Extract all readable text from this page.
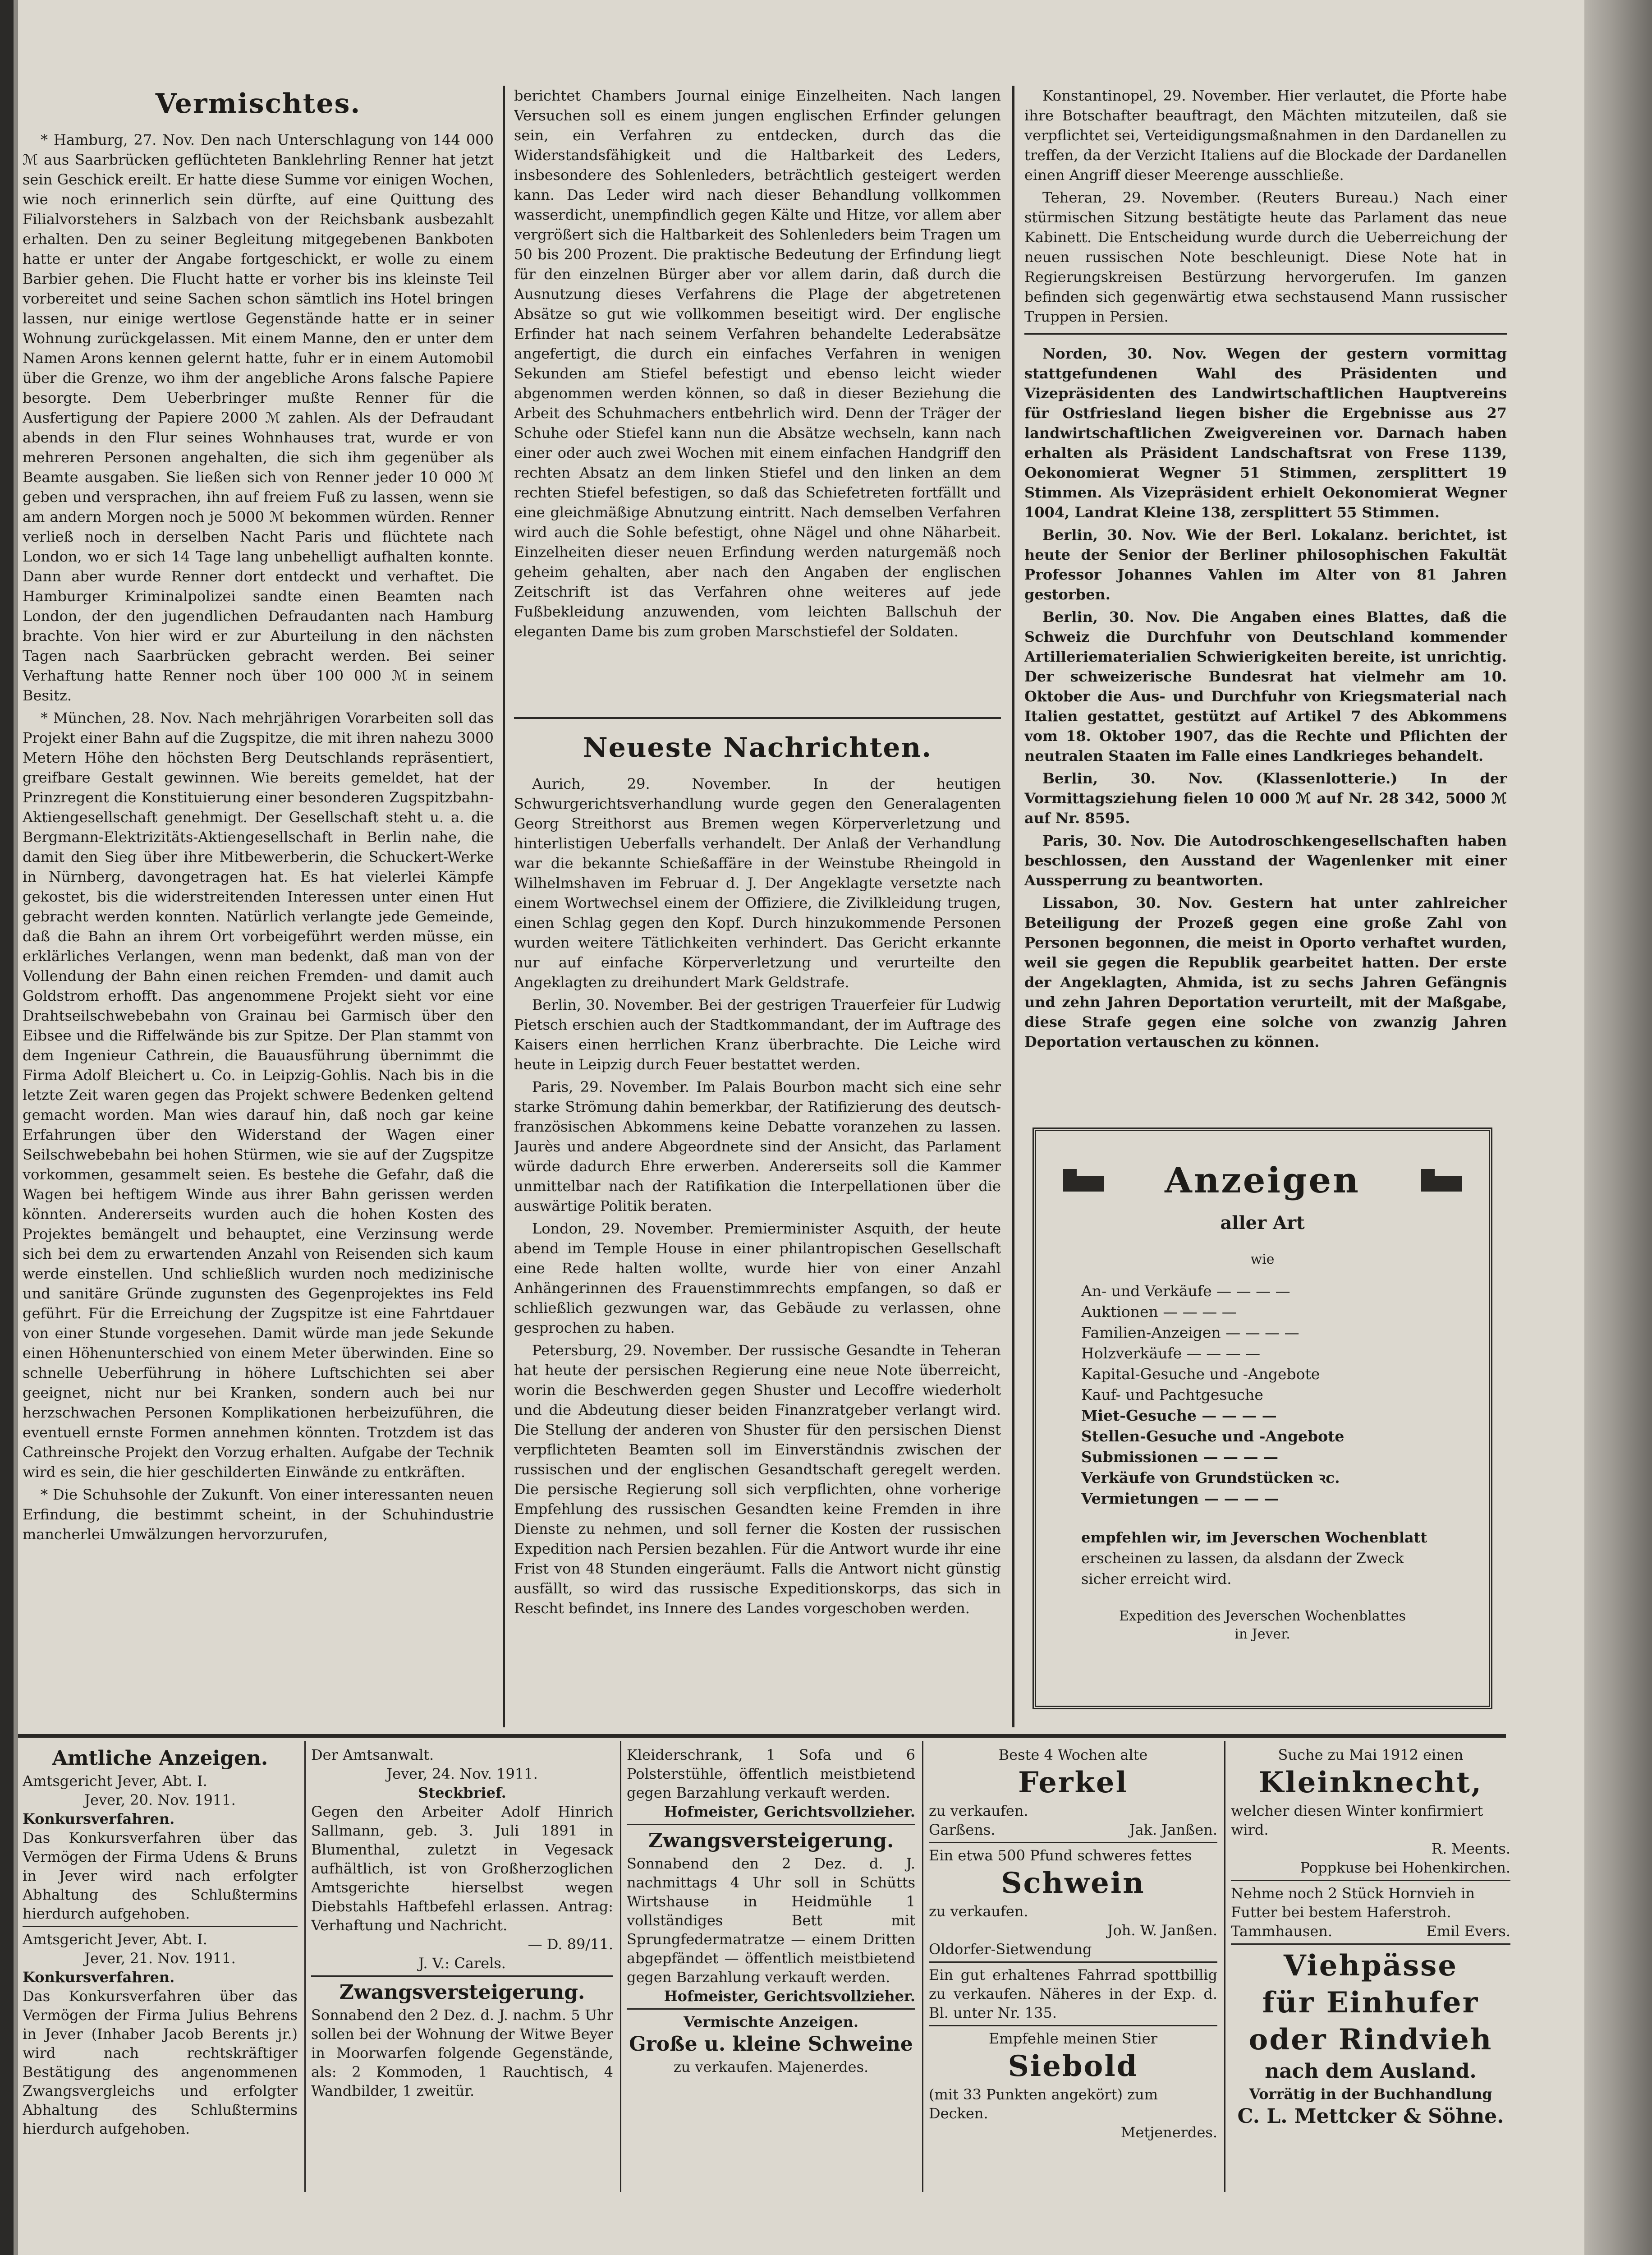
Vermischtes.

* Hamburg, 27. Nov. Den nach Unterschlagung von 144 000 ℳ aus Saarbrücken geflüchteten Banklehrling Renner hat jetzt sein Geschick ereilt. Er hatte diese Summe vor einigen Wochen, wie noch erinnerlich sein dürfte, auf eine Quittung des Filialvorstehers in Salzbach von der Reichsbank ausbezahlt erhalten. Den zu seiner Begleitung mitgegebenen Bankboten hatte er unter der Angabe fortgeschickt, er wolle zu einem Barbier gehen. Die Flucht hatte er vorher bis ins kleinste Teil vorbereitet und seine Sachen schon sämtlich ins Hotel bringen lassen, nur einige wertlose Gegenstände hatte er in seiner Wohnung zurückgelassen. Mit einem Manne, den er unter dem Namen Arons kennen gelernt hatte, fuhr er in einem Automobil über die Grenze, wo ihm der angebliche Arons falsche Papiere besorgte. Dem Ueberbringer mußte Renner für die Ausfertigung der Papiere 2000 ℳ zahlen. Als der Defraudant abends in den Flur seines Wohnhauses trat, wurde er von mehreren Personen angehalten, die sich ihm gegenüber als Beamte ausgaben. Sie ließen sich von Renner jeder 10 000 ℳ geben und versprachen, ihn auf freiem Fuß zu lassen, wenn sie am andern Morgen noch je 5000 ℳ bekommen würden. Renner verließ noch in derselben Nacht Paris und flüchtete nach London, wo er sich 14 Tage lang unbehelligt aufhalten konnte. Dann aber wurde Renner dort entdeckt und verhaftet. Die Hamburger Kriminalpolizei sandte einen Beamten nach London, der den jugendlichen Defraudanten nach Hamburg brachte. Von hier wird er zur Aburteilung in den nächsten Tagen nach Saarbrücken gebracht werden. Bei seiner Verhaftung hatte Renner noch über 100 000 ℳ in seinem Besitz.

* München, 28. Nov. Nach mehrjährigen Vorarbeiten soll das Projekt einer Bahn auf die Zugspitze, die mit ihren nahezu 3000 Metern Höhe den höchsten Berg Deutschlands repräsentiert, greifbare Gestalt gewinnen. Wie bereits gemeldet, hat der Prinzregent die Konstituierung einer besonderen Zugspitzbahn-Aktiengesellschaft genehmigt. Der Gesellschaft steht u. a. die Bergmann-Elektrizitäts-Aktiengesellschaft in Berlin nahe, die damit den Sieg über ihre Mitbewerberin, die Schuckert-Werke in Nürnberg, davongetragen hat. Es hat vielerlei Kämpfe gekostet, bis die widerstreitenden Interessen unter einen Hut gebracht werden konnten. Natürlich verlangte jede Gemeinde, daß die Bahn an ihrem Ort vorbeigeführt werden müsse, ein erklärliches Verlangen, wenn man bedenkt, daß man von der Vollendung der Bahn einen reichen Fremden- und damit auch Goldstrom erhofft. Das angenommene Projekt sieht vor eine Drahtseilschwebebahn von Grainau bei Garmisch über den Eibsee und die Riffelwände bis zur Spitze. Der Plan stammt von dem Ingenieur Cathrein, die Bauausführung übernimmt die Firma Adolf Bleichert u. Co. in Leipzig-Gohlis. Nach bis in die letzte Zeit waren gegen das Projekt schwere Bedenken geltend gemacht worden. Man wies darauf hin, daß noch gar keine Erfahrungen über den Widerstand der Wagen einer Seilschwebebahn bei hohen Stürmen, wie sie auf der Zugspitze vorkommen, gesammelt seien. Es bestehe die Gefahr, daß die Wagen bei heftigem Winde aus ihrer Bahn gerissen werden könnten. Andererseits wurden auch die hohen Kosten des Projektes bemängelt und behauptet, eine Verzinsung werde sich bei dem zu erwartenden Anzahl von Reisenden sich kaum werde einstellen. Und schließlich wurden noch medizinische und sanitäre Gründe zugunsten des Gegenprojektes ins Feld geführt. Für die Erreichung der Zugspitze ist eine Fahrtdauer von einer Stunde vorgesehen. Damit würde man jede Sekunde einen Höhenunterschied von einem Meter überwinden. Eine so schnelle Ueberführung in höhere Luftschichten sei aber geeignet, nicht nur bei Kranken, sondern auch bei nur herzschwachen Personen Komplikationen herbeizuführen, die eventuell ernste Formen annehmen könnten. Trotzdem ist das Cathreinsche Projekt den Vorzug erhalten. Aufgabe der Technik wird es sein, die hier geschilderten Einwände zu entkräften.

* Die Schuhsohle der Zukunft. Von einer interessanten neuen Erfindung, die bestimmt scheint, in der Schuhindustrie mancherlei Umwälzungen hervorzurufen,

berichtet Chambers Journal einige Einzelheiten. Nach langen Versuchen soll es einem jungen englischen Erfinder gelungen sein, ein Verfahren zu entdecken, durch das die Widerstandsfähigkeit und die Haltbarkeit des Leders, insbesondere des Sohlenleders, beträchtlich gesteigert werden kann. Das Leder wird nach dieser Behandlung vollkommen wasserdicht, unempfindlich gegen Kälte und Hitze, vor allem aber vergrößert sich die Haltbarkeit des Sohlenleders beim Tragen um 50 bis 200 Prozent. Die praktische Bedeutung der Erfindung liegt für den einzelnen Bürger aber vor allem darin, daß durch die Ausnutzung dieses Verfahrens die Plage der abgetretenen Absätze so gut wie vollkommen beseitigt wird. Der englische Erfinder hat nach seinem Verfahren behandelte Lederabsätze angefertigt, die durch ein einfaches Verfahren in wenigen Sekunden am Stiefel befestigt und ebenso leicht wieder abgenommen werden können, so daß in dieser Beziehung die Arbeit des Schuhmachers entbehrlich wird. Denn der Träger der Schuhe oder Stiefel kann nun die Absätze wechseln, kann nach einer oder auch zwei Wochen mit einem einfachen Handgriff den rechten Absatz an dem linken Stiefel und den linken an dem rechten Stiefel befestigen, so daß das Schiefetreten fortfällt und eine gleichmäßige Abnutzung eintritt. Nach demselben Verfahren wird auch die Sohle befestigt, ohne Nägel und ohne Näharbeit. Einzelheiten dieser neuen Erfindung werden naturgemäß noch geheim gehalten, aber nach den Angaben der englischen Zeitschrift ist das Verfahren ohne weiteres auf jede Fußbekleidung anzuwenden, vom leichten Ballschuh der eleganten Dame bis zum groben Marschstiefel der Soldaten.

Neueste Nachrichten.

Aurich, 29. November. In der heutigen Schwurgerichtsverhandlung wurde gegen den Generalagenten Georg Streithorst aus Bremen wegen Körperverletzung und hinterlistigen Ueberfalls verhandelt. Der Anlaß der Verhandlung war die bekannte Schießaffäre in der Weinstube Rheingold in Wilhelmshaven im Februar d. J. Der Angeklagte versetzte nach einem Wortwechsel einem der Offiziere, die Zivilkleidung trugen, einen Schlag gegen den Kopf. Durch hinzukommende Personen wurden weitere Tätlichkeiten verhindert. Das Gericht erkannte nur auf einfache Körperverletzung und verurteilte den Angeklagten zu dreihundert Mark Geldstrafe.

Berlin, 30. November. Bei der gestrigen Trauerfeier für Ludwig Pietsch erschien auch der Stadtkommandant, der im Auftrage des Kaisers einen herrlichen Kranz überbrachte. Die Leiche wird heute in Leipzig durch Feuer bestattet werden.

Paris, 29. November. Im Palais Bourbon macht sich eine sehr starke Strömung dahin bemerkbar, der Ratifizierung des deutsch-französischen Abkommens keine Debatte voranzehen zu lassen. Jaurès und andere Abgeordnete sind der Ansicht, das Parlament würde dadurch Ehre erwerben. Andererseits soll die Kammer unmittelbar nach der Ratifikation die Interpellationen über die auswärtige Politik beraten.

London, 29. November. Premierminister Asquith, der heute abend im Temple House in einer philantropischen Gesellschaft eine Rede halten wollte, wurde hier von einer Anzahl Anhängerinnen des Frauenstimmrechts empfangen, so daß er schließlich gezwungen war, das Gebäude zu verlassen, ohne gesprochen zu haben.

Petersburg, 29. November. Der russische Gesandte in Teheran hat heute der persischen Regierung eine neue Note überreicht, worin die Beschwerden gegen Shuster und Lecoffre wiederholt und die Abdeutung dieser beiden Finanzratgeber verlangt wird. Die Stellung der anderen von Shuster für den persischen Dienst verpflichteten Beamten soll im Einverständnis zwischen der russischen und der englischen Gesandtschaft geregelt werden. Die persische Regierung soll sich verpflichten, ohne vorherige Empfehlung des russischen Gesandten keine Fremden in ihre Dienste zu nehmen, und soll ferner die Kosten der russischen Expedition nach Persien bezahlen. Für die Antwort wurde ihr eine Frist von 48 Stunden eingeräumt. Falls die Antwort nicht günstig ausfällt, so wird das russische Expeditionskorps, das sich in Rescht befindet, ins Innere des Landes vorgeschoben werden.

Konstantinopel, 29. November. Hier verlautet, die Pforte habe ihre Botschafter beauftragt, den Mächten mitzuteilen, daß sie verpflichtet sei, Verteidigungsmaßnahmen in den Dardanellen zu treffen, da der Verzicht Italiens auf die Blockade der Dardanellen einen Angriff dieser Meerenge ausschließe.

Teheran, 29. November. (Reuters Bureau.) Nach einer stürmischen Sitzung bestätigte heute das Parlament das neue Kabinett. Die Entscheidung wurde durch die Ueberreichung der neuen russischen Note beschleunigt. Diese Note hat in Regierungskreisen Bestürzung hervorgerufen. Im ganzen befinden sich gegenwärtig etwa sechstausend Mann russischer Truppen in Persien.

Norden, 30. Nov. Wegen der gestern vormittag stattgefundenen Wahl des Präsidenten und Vizepräsidenten des Landwirtschaftlichen Hauptvereins für Ostfriesland liegen bisher die Ergebnisse aus 27 landwirtschaftlichen Zweigvereinen vor. Darnach haben erhalten als Präsident Landschaftsrat von Frese 1139, Oekonomierat Wegner 51 Stimmen, zersplittert 19 Stimmen. Als Vizepräsident erhielt Oekonomierat Wegner 1004, Landrat Kleine 138, zersplittert 55 Stimmen.

Berlin, 30. Nov. Wie der Berl. Lokalanz. berichtet, ist heute der Senior der Berliner philosophischen Fakultät Professor Johannes Vahlen im Alter von 81 Jahren gestorben.

Berlin, 30. Nov. Die Angaben eines Blattes, daß die Schweiz die Durchfuhr von Deutschland kommender Artilleriematerialien Schwierigkeiten bereite, ist unrichtig. Der schweizerische Bundesrat hat vielmehr am 10. Oktober die Aus- und Durchfuhr von Kriegsmaterial nach Italien gestattet, gestützt auf Artikel 7 des Abkommens vom 18. Oktober 1907, das die Rechte und Pflichten der neutralen Staaten im Falle eines Landkrieges behandelt.

Berlin, 30. Nov. (Klassenlotterie.) In der Vormittagsziehung fielen 10 000 ℳ auf Nr. 28 342, 5000 ℳ auf Nr. 8595.

Paris, 30. Nov. Die Autodroschkengesellschaften haben beschlossen, den Ausstand der Wagenlenker mit einer Aussperrung zu beantworten.

Lissabon, 30. Nov. Gestern hat unter zahlreicher Beteiligung der Prozeß gegen eine große Zahl von Personen begonnen, die meist in Oporto verhaftet wurden, weil sie gegen die Republik gearbeitet hatten. Der erste der Angeklagten, Ahmida, ist zu sechs Jahren Gefängnis und zehn Jahren Deportation verurteilt, mit der Maßgabe, diese Strafe gegen eine solche von zwanzig Jahren Deportation vertauschen zu können.

Anzeigen
aller Art
wie
An- und Verkäufe — — — —
Auktionen — — — —
Familien-Anzeigen — — — —
Holzverkäufe — — — —
Kapital-Gesuche und -Angebote
Kauf- und Pachtgesuche
Miet-Gesuche — — — —
Stellen-Gesuche und -Angebote
Submissionen — — — —
Verkäufe von Grundstücken ꝛc.
Vermietungen — — — —
empfehlen wir, im Jeverschen Wochenblatt
erscheinen zu lassen, da alsdann der Zweck
sicher erreicht wird.
Expedition des Jeverschen Wochenblattes
in Jever.
Amtliche Anzeigen.
Amtsgericht Jever, Abt. I.
Jever, 20. Nov. 1911.
Konkursverfahren.
Das Konkursverfahren über das Vermögen der Firma Udens & Bruns in Jever wird nach erfolgter Abhaltung des Schlußtermins hierdurch aufgehoben.
Amtsgericht Jever, Abt. I.
Jever, 21. Nov. 1911.
Konkursverfahren.
Das Konkursverfahren über das Vermögen der Firma Julius Behrens in Jever (Inhaber Jacob Berents jr.) wird nach rechtskräftiger Bestätigung des angenommenen Zwangsvergleichs und erfolgter Abhaltung des Schlußtermins hierdurch aufgehoben.
Der Amtsanwalt.
Jever, 24. Nov. 1911.
Steckbrief.
Gegen den Arbeiter Adolf Hinrich Sallmann, geb. 3. Juli 1891 in Blumenthal, zuletzt in Vegesack aufhältlich, ist von Großherzoglichen Amtsgerichte hierselbst wegen Diebstahls Haftbefehl erlassen. Antrag: Verhaftung und Nachricht.
— D. 89/11.
J. V.: Carels.
Zwangsversteigerung.
Sonnabend den 2 Dez. d. J. nachm. 5 Uhr sollen bei der Wohnung der Witwe Beyer in Moorwarfen folgende Gegenstände, als: 2 Kommoden, 1 Rauchtisch, 4 Wandbilder, 1 zweitür.
Kleiderschrank, 1 Sofa und 6 Polsterstühle, öffentlich meistbietend gegen Barzahlung verkauft werden.
Hofmeister, Gerichtsvollzieher.
Zwangsversteigerung.
Sonnabend den 2 Dez. d. J. nachmittags 4 Uhr soll in Schütts Wirtshause in Heidmühle 1 vollständiges Bett mit Sprungfedermatratze — einem Dritten abgepfändet — öffentlich meistbietend gegen Barzahlung verkauft werden.
Hofmeister, Gerichtsvollzieher.
Vermischte Anzeigen.
Große u. kleine Schweine
zu verkaufen. Majenerdes.
Beste 4 Wochen alte
Ferkel
zu verkaufen.
Garßens.	Jak. Janßen.
Ein etwa 500 Pfund schweres fettes
Schwein
zu verkaufen.
Joh. W. Janßen.
Oldorfer-Sietwendung
Ein gut erhaltenes Fahrrad spottbillig zu verkaufen. Näheres in der Exp. d. Bl. unter Nr. 135.
Empfehle meinen Stier
Siebold
(mit 33 Punkten angekört) zum Decken.
Metjenerdes.
Suche zu Mai 1912 einen
Kleinknecht,
welcher diesen Winter konfirmiert wird.
R. Meents.
Poppkuse bei Hohenkirchen.
Nehme noch 2 Stück Hornvieh in Futter bei bestem Haferstroh.
Tammhausen.	Emil Evers.
Viehpässe
für Einhufer
oder Rindvieh
nach dem Ausland.
Vorrätig in der Buchhandlung
C. L. Mettcker & Söhne.
